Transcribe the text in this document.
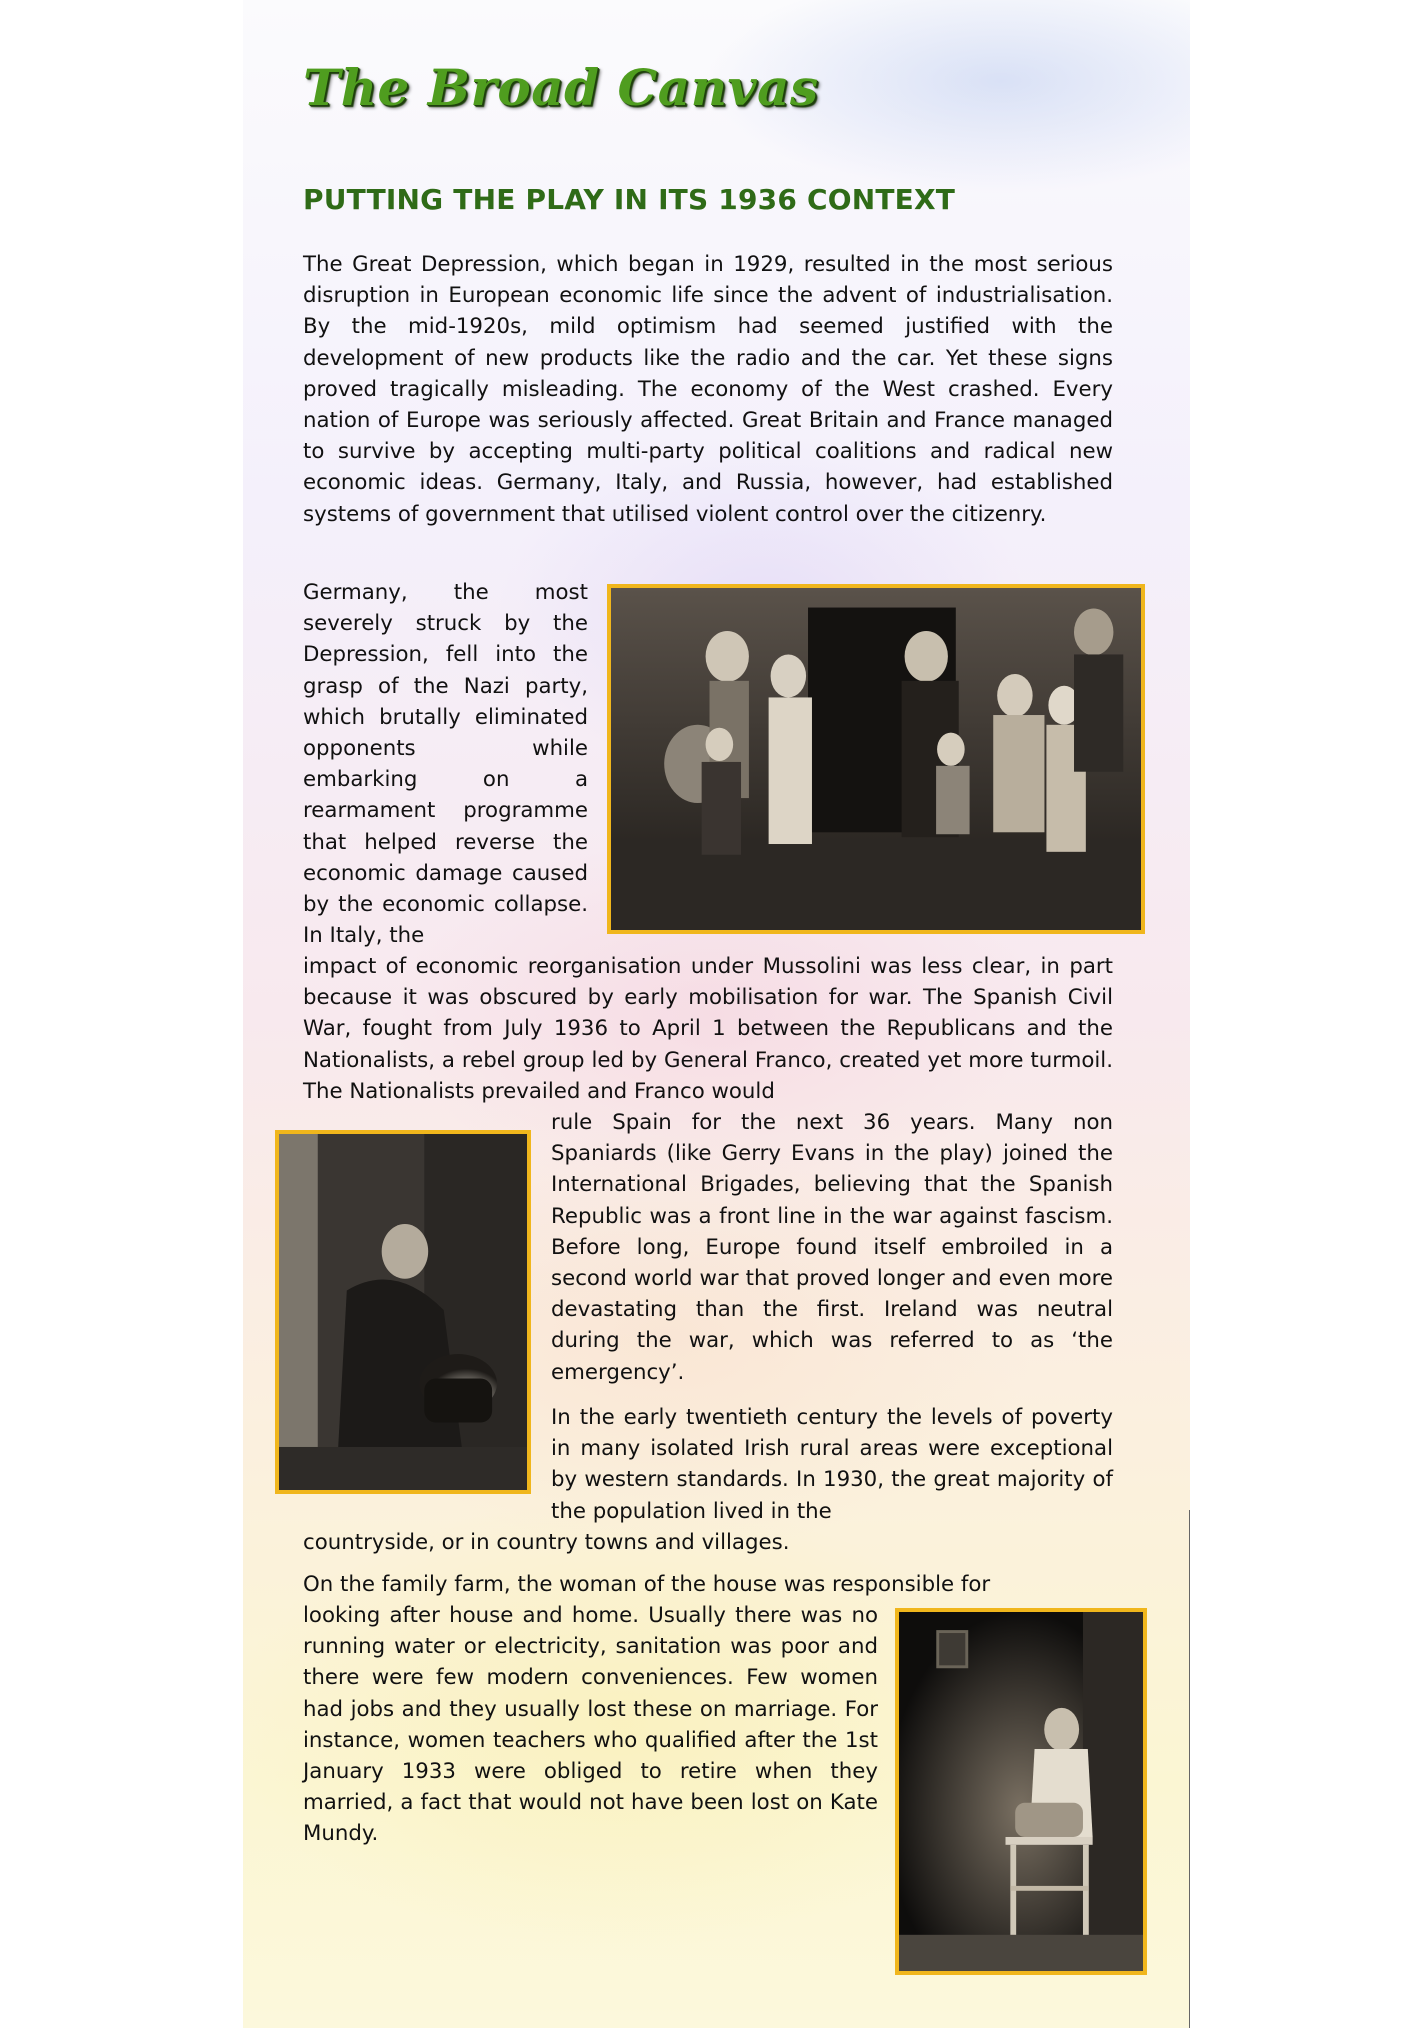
The Broad Canvas
PUTTING THE PLAY IN ITS 1936 CONTEXT

The Great Depression, which began in 1929, resulted in the most serious disruption in European economic life since the advent of industrialisation. By the mid-1920s, mild optimism had seemed justified with the development of new products like the radio and the car. Yet these signs proved tragically misleading. The economy of the West crashed. Every nation of Europe was seriously affected. Great Britain and France managed to survive by accepting multi-party political coalitions and radical new economic ideas. Germany, Italy, and Russia, however, had established systems of government that utilised violent control over the citizenry.

Germany, the most severely struck by the Depression, fell into the grasp of the Nazi party, which brutally eliminated opponents while embarking on a rearmament programme that helped reverse the economic damage caused by the economic collapse. In Italy, the

impact of economic reorganisation under Mussolini was less clear, in part because it was obscured by early mobilisation for war. The Spanish Civil War, fought from July 1936 to April 1 between the Republicans and the Nationalists, a rebel group led by General Franco, created yet more turmoil. The Nationalists prevailed and Franco would

rule Spain for the next 36 years. Many non Spaniards (like Gerry Evans in the play) joined the International Brigades, believing that the Spanish Republic was a front line in the war against fascism. Before long, Europe found itself embroiled in a second world war that proved longer and even more devastating than the first. Ireland was neutral during the war, which was referred to as ‘the emergency’.

In the early twentieth century the levels of poverty in many isolated Irish rural areas were exceptional by western standards. In 1930, the great majority of the population lived in the

countryside, or in country towns and villages.

On the family farm, the woman of the house was responsible for

looking after house and home. Usually there was no running water or electricity, sanitation was poor and there were few modern conveniences. Few women had jobs and they usually lost these on marriage. For instance, women teachers who qualified after the 1st January 1933 were obliged to retire when they married, a fact that would not have been lost on Kate Mundy.
